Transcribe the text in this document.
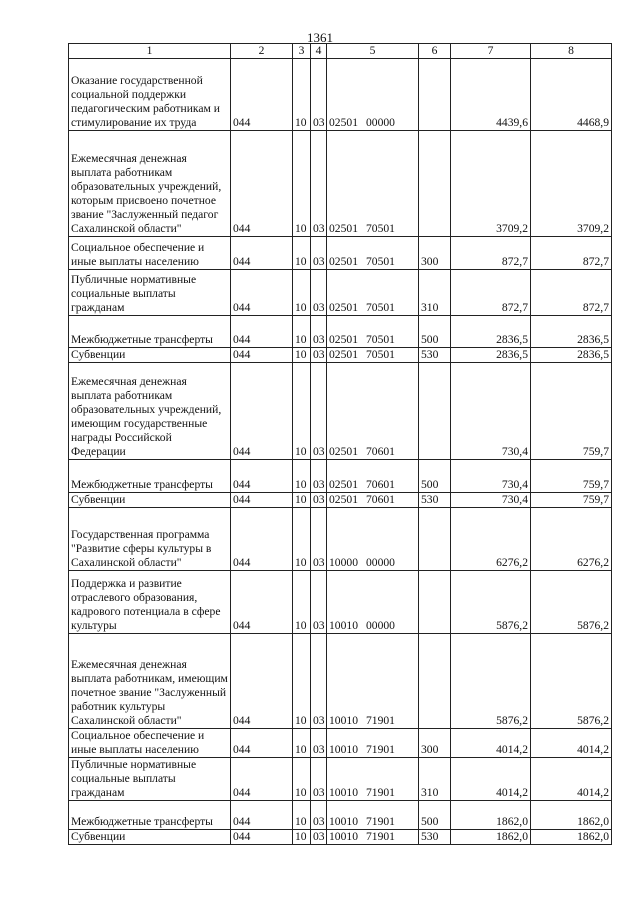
1361
1	2	3	4	5	6	7	8
Оказание государственной социальной поддержки педагогическим работникам и стимулирование их труда	044	10	03	02501 00000		4439,6	4468,9
Ежемесячная денежная выплата работникам образовательных учреждений, которым присвоено почетное звание "Заслуженный педагог Сахалинской области"	044	10	03	02501 70501		3709,2	3709,2
Социальное обеспечение и иные выплаты населению	044	10	03	02501 70501	300	872,7	872,7
Публичные нормативные социальные выплаты гражданам	044	10	03	02501 70501	310	872,7	872,7
Межбюджетные трансферты	044	10	03	02501 70501	500	2836,5	2836,5
Субвенции	044	10	03	02501 70501	530	2836,5	2836,5
Ежемесячная денежная выплата работникам образовательных учреждений, имеющим государственные награды Российской Федерации	044	10	03	02501 70601		730,4	759,7
Межбюджетные трансферты	044	10	03	02501 70601	500	730,4	759,7
Субвенции	044	10	03	02501 70601	530	730,4	759,7
Государственная программа "Развитие сферы культуры в Сахалинской области"	044	10	03	10000 00000		6276,2	6276,2
Поддержка и развитие отраслевого образования, кадрового потенциала в сфере культуры	044	10	03	10010 00000		5876,2	5876,2
Ежемесячная денежная выплата работникам, имеющим почетное звание "Заслуженный работник культуры Сахалинской области"	044	10	03	10010 71901		5876,2	5876,2
Социальное обеспечение и иные выплаты населению	044	10	03	10010 71901	300	4014,2	4014,2
Публичные нормативные социальные выплаты гражданам	044	10	03	10010 71901	310	4014,2	4014,2
Межбюджетные трансферты	044	10	03	10010 71901	500	1862,0	1862,0
Субвенции	044	10	03	10010 71901	530	1862,0	1862,0
